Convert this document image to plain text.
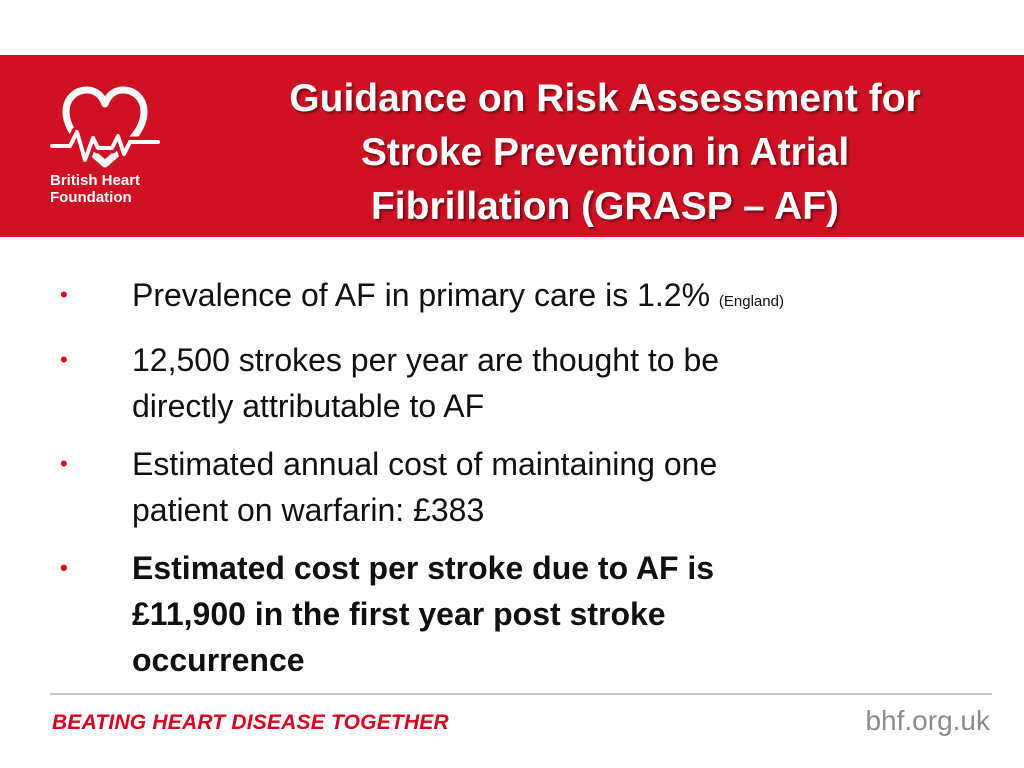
British Heart
Foundation
Guidance on Risk Assessment for
Stroke Prevention in Atrial
Fibrillation (GRASP – AF)
•	Prevalence of AF in primary care is 1.2% (England)
•	12,500 strokes per year are thought to be
directly attributable to AF
•	Estimated annual cost of maintaining one
patient on warfarin: £383
•	Estimated cost per stroke due to AF is
£11,900 in the first year post stroke
occurrence
BEATING HEART DISEASE TOGETHER	bhf.org.uk
